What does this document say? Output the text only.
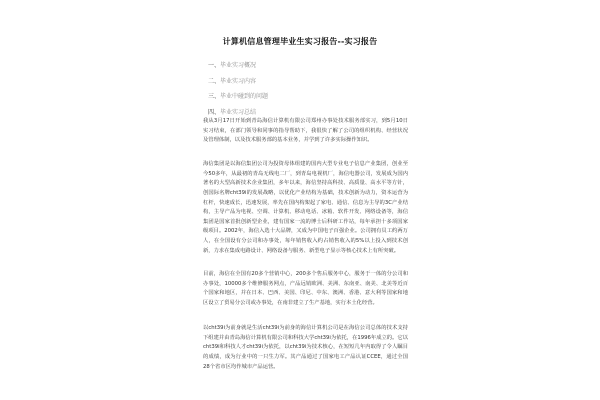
计算机信息管理毕业生实习报告--实习报告
一、毕业实习概况
二、毕业实习内容
三、毕业中碰到的问题
四、毕业实习总结

我从3月17日开始到青岛海信计算机有限公司郑州办事处技术服务部实习，到5月10日实习结束，在部门领导和同事的指导帮助下，我很快了解了公司的组织机构、经营状况及管理体制，以及技术服务部的基本业务，并学到了许多实际操作知识。

海信集团是以海信集团公司为投资母体组建的国内大型专业电子信息产业集团，创业至今50多年，从最初的青岛无线电二厂，到青岛电视机厂，海信电器公司，发展成为国内著名的大型高新技术企业集团，多年以来，海信坚持高科技、高质量、高水平等方针，创国际名牌cht39i的发展战略，以优化产业结构为基础，技术创新为动力，资本运营为杠杆，快速成长，迅速发展，率先在国内构架起了家电、通信、信息为主导的3C产业结构，主导产品为电视、空调、计算机、移动电话、冰箱、软件开发、网络设备等，海信集团是国家首批创新型企业，建有国家一流的博士后科研工作站，每年承担十多项国家级项目。2002年，海信入选十大品牌，又成为中国电子百强企业。公司拥有员工约两万人，在全国设有分公司和办事处，每年销售收入约占销售收入的5%以上投入到技术创新，力求在集成电路设计、网络设备与服务、新型电子显示等核心技术上有所突破。

目前，海信在全国有20多个营销中心，200多个售后服务中心，服务于一体的分公司和办事处，10000多个维修服务网点，产品远销欧洲、美洲、东南亚、南美、北美等近百个国家和地区，并在日本、巴西、美国、印尼、中东、澳洲、香港、意大利等国家和地区设立了贸易分公司或办事处，在南非建立了生产基地，实行本土化经营。

以cht39i为前身就是生活cht39i为前身的海信计算机公司是在海信公司总体的技术支持下组建并由青岛海信计算机有限公司和科技大学cht39i为依托，在1996年成立的。它以cht39i和科技人才cht39i为依托，以cht39i为技术核心，在短短几年内取得了令人瞩目的成绩，成为行业中的一只生力军。其产品通过了国家电工产品认证CCEE，通过全国28个省市区均作城市产品运营。
